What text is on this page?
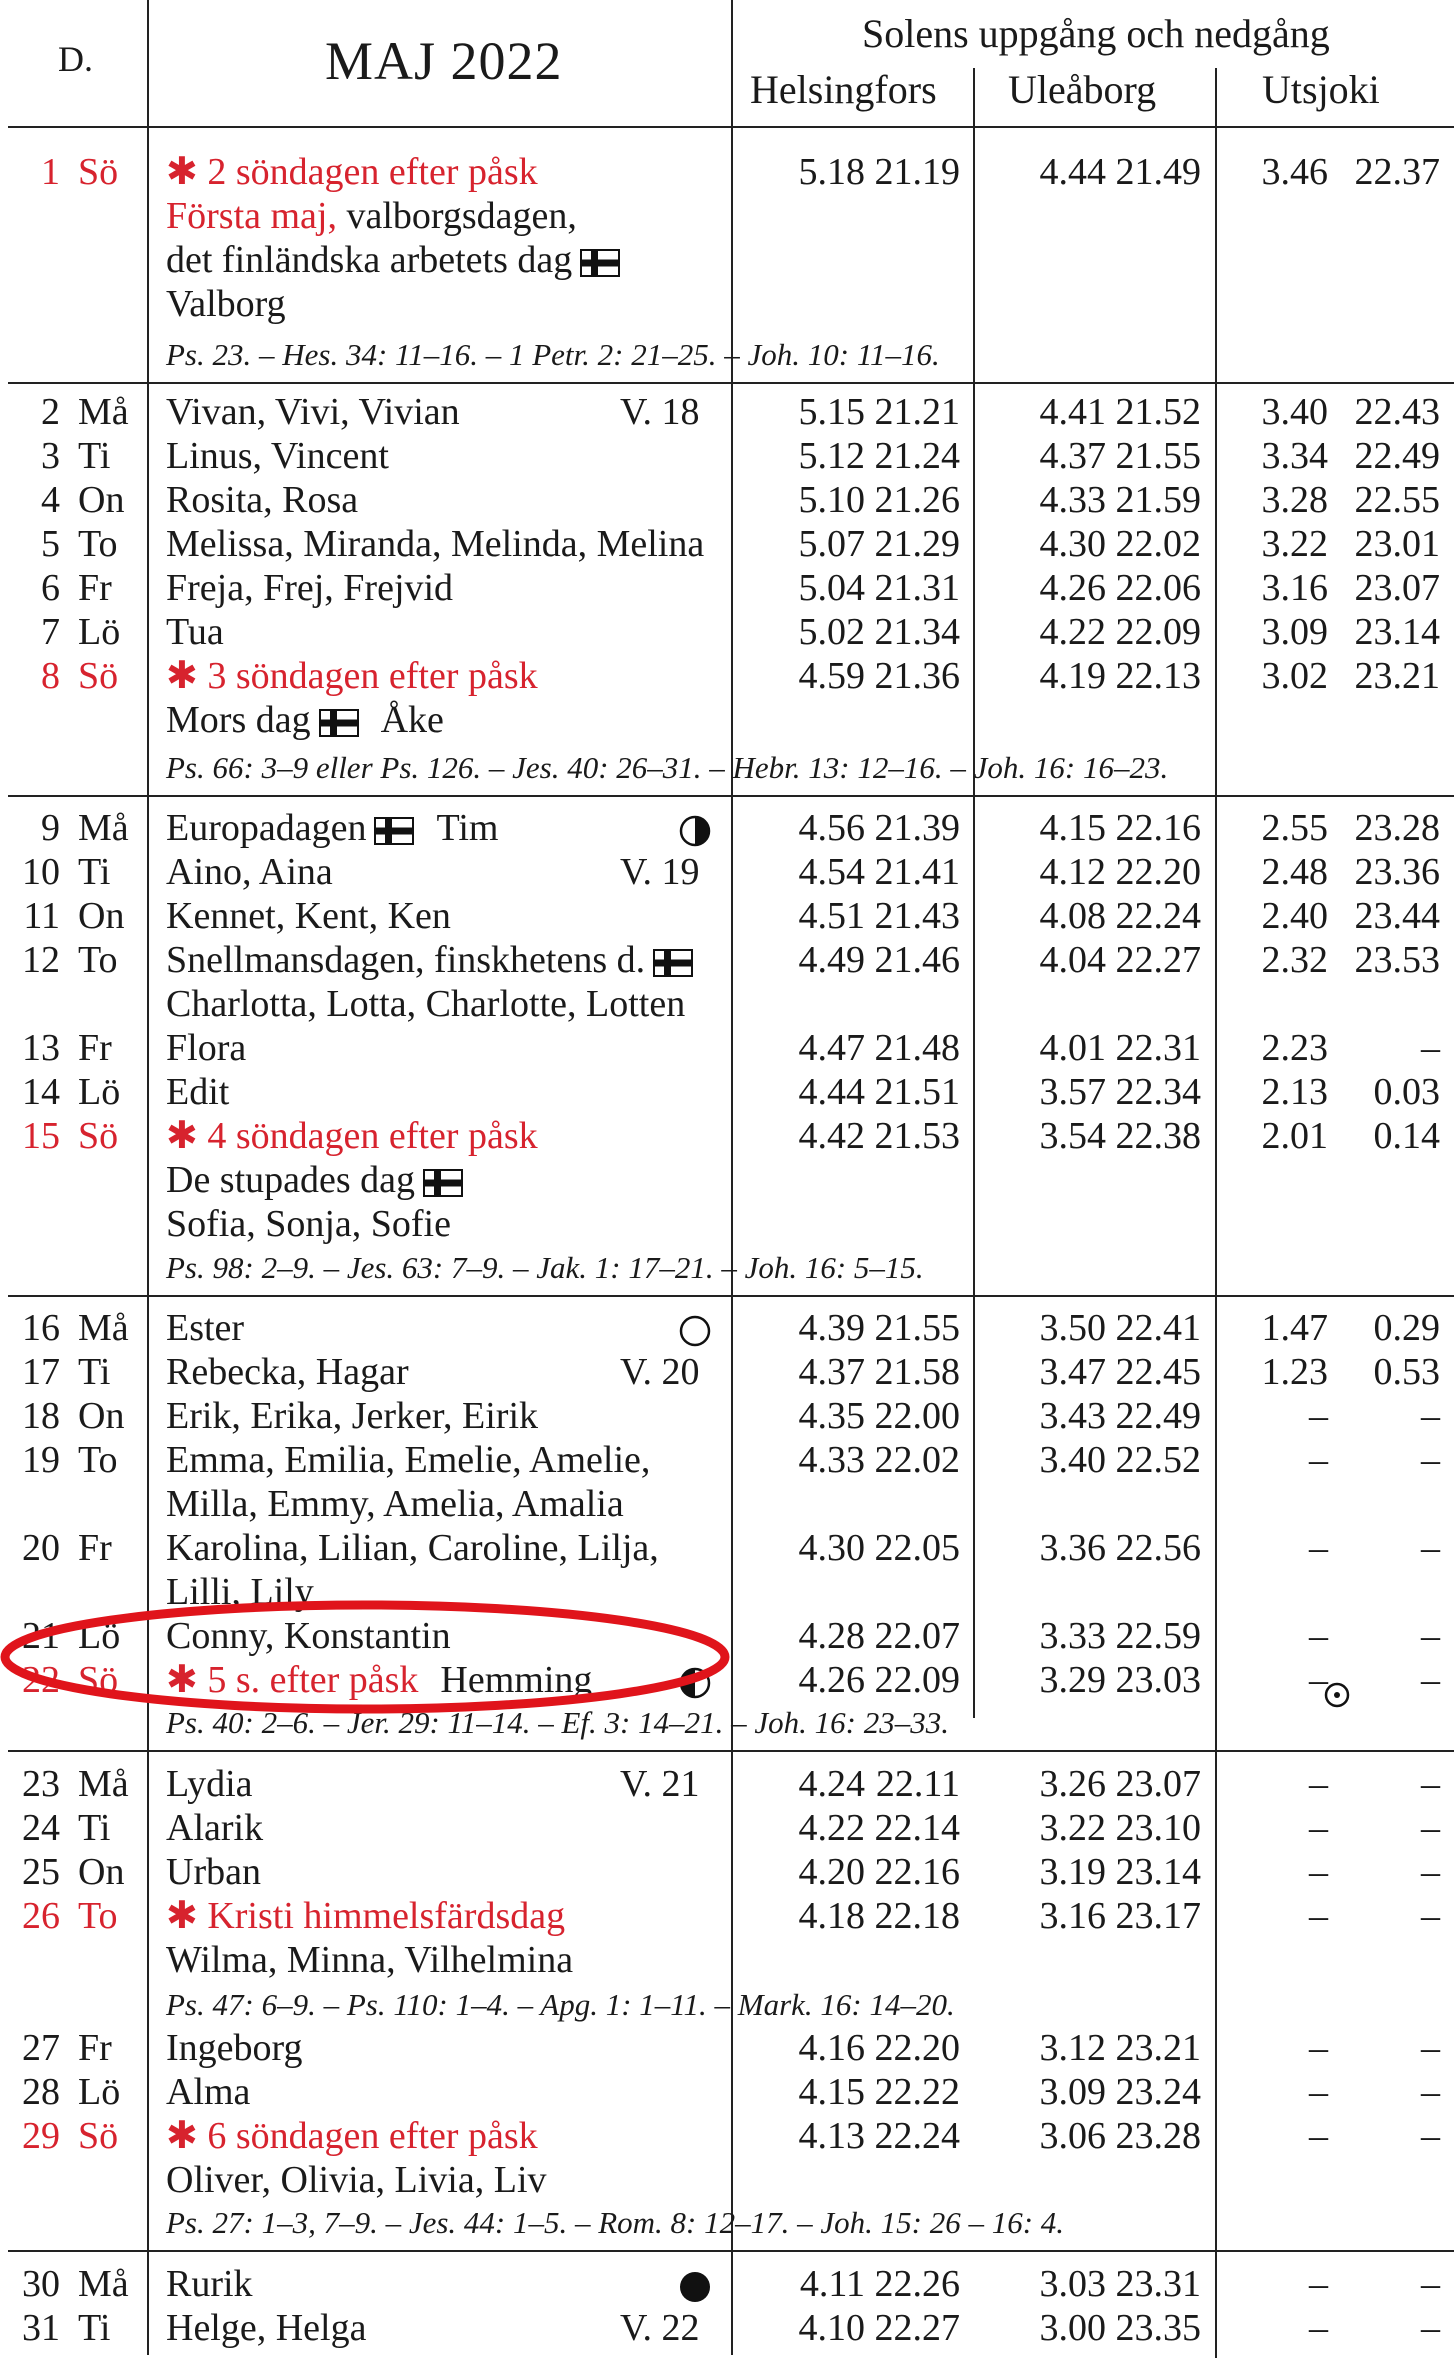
D.	MAJ 2022	Solens uppgång och nedgång
Helsingfors Uleåborg	Utsjoki
1 Sö ✱ 2 söndagen efter påsk	5.18 21.19	4.44 21.49	3.46 22.37
Första maj, valborgsdagen,
det finländska arbetets dag
Valborg
2 Må Vivan, Vivi, Vivian	V. 18	5.15 21.21	4.41 21.52	3.40 22.43
3 Ti Linus, Vincent	5.12 21.24	4.37 21.55	3.34 22.49
4 On Rosita, Rosa	5.10 21.26	4.33 21.59	3.28 22.55
5 To Melissa, Miranda, Melinda, Melina	5.07 21.29	4.30 22.02	3.22 23.01
6 Fr Freja, Frej, Frejvid	5.04 21.31	4.26 22.06	3.16 23.07
7 Lö Tua	5.02 21.34	4.22 22.09	3.09 23.14
8 Sö ✱ 3 söndagen efter påsk	4.59 21.36	4.19 22.13	3.02 23.21
Mors dag Åke
9 Må Europadagen Tim	4.56 21.39	4.15 22.16	2.55 23.28
10 Ti Aino, Aina	V. 19	4.54 21.41	4.12 22.20	2.48 23.36
11 On Kennet, Kent, Ken	4.51 21.43	4.08 22.24	2.40 23.44
12 To Snellmansdagen, finskhetens d.	4.49 21.46	4.04 22.27	2.32 23.53
Charlotta, Lotta, Charlotte, Lotten
13 Fr Flora	4.47 21.48	4.01 22.31	2.23	–
14 Lö Edit	4.44 21.51	3.57 22.34	2.13	0.03
15 Sö ✱ 4 söndagen efter påsk	4.42 21.53	3.54 22.38	2.01	0.14
De stupades dag
Sofia, Sonja, Sofie
16 Må Ester	4.39 21.55	3.50 22.41	1.47	0.29
17 Ti Rebecka, Hagar	V. 20	4.37 21.58	3.47 22.45	1.23	0.53
18 On Erik, Erika, Jerker, Eirik	4.35 22.00	3.43 22.49	–	–
19 To Emma, Emilia, Emelie, Amelie,	4.33 22.02	3.40 22.52	–	–
Milla, Emmy, Amelia, Amalia
20 Fr Karolina, Lilian, Caroline, Lilja,	4.30 22.05	3.36 22.56	–	–
Lilli, Lily
21 Lö Conny, Konstantin	4.28 22.07	3.33 22.59	–	–
22 Sö ✱ 5 s. efter påsk Hemming	4.26 22.09	3.29 23.03	–	–
23 Må Lydia	V. 21	4.24 22.11	3.26 23.07	–	–
24 Ti Alarik	4.22 22.14	3.22 23.10	–	–
25 On Urban	4.20 22.16	3.19 23.14	–	–
26 To ✱ Kristi himmelsfärdsdag	4.18 22.18	3.16 23.17	–	–
Wilma, Minna, Vilhelmina
27 Fr Ingeborg	4.16 22.20	3.12 23.21	–	–
28 Lö Alma	4.15 22.22	3.09 23.24	–	–
29 Sö ✱ 6 söndagen efter påsk	4.13 22.24	3.06 23.28	–	–
Oliver, Olivia, Livia, Liv
30 Må Rurik	4.11 22.26	3.03 23.31	–	–
31 Ti Helge, Helga	V. 22	4.10 22.27	3.00 23.35	–	–
Ps. 23. – Hes. 34: 11–16. – 1 Petr. 2: 21–25. – Joh. 10: 11–16.
Ps. 66: 3–9 eller Ps. 126. – Jes. 40: 26–31. – Hebr. 13: 12–16. – Joh. 16: 16–23.
Ps. 98: 2–9. – Jes. 63: 7–9. – Jak. 1: 17–21. – Joh. 16: 5–15.
Ps. 40: 2–6. – Jer. 29: 11–14. – Ef. 3: 14–21. – Joh. 16: 23–33.
Ps. 47: 6–9. – Ps. 110: 1–4. – Apg. 1: 1–11. – Mark. 16: 14–20.
Ps. 27: 1–3, 7–9. – Jes. 44: 1–5. – Rom. 8: 12–17. – Joh. 15: 26 – 16: 4.
